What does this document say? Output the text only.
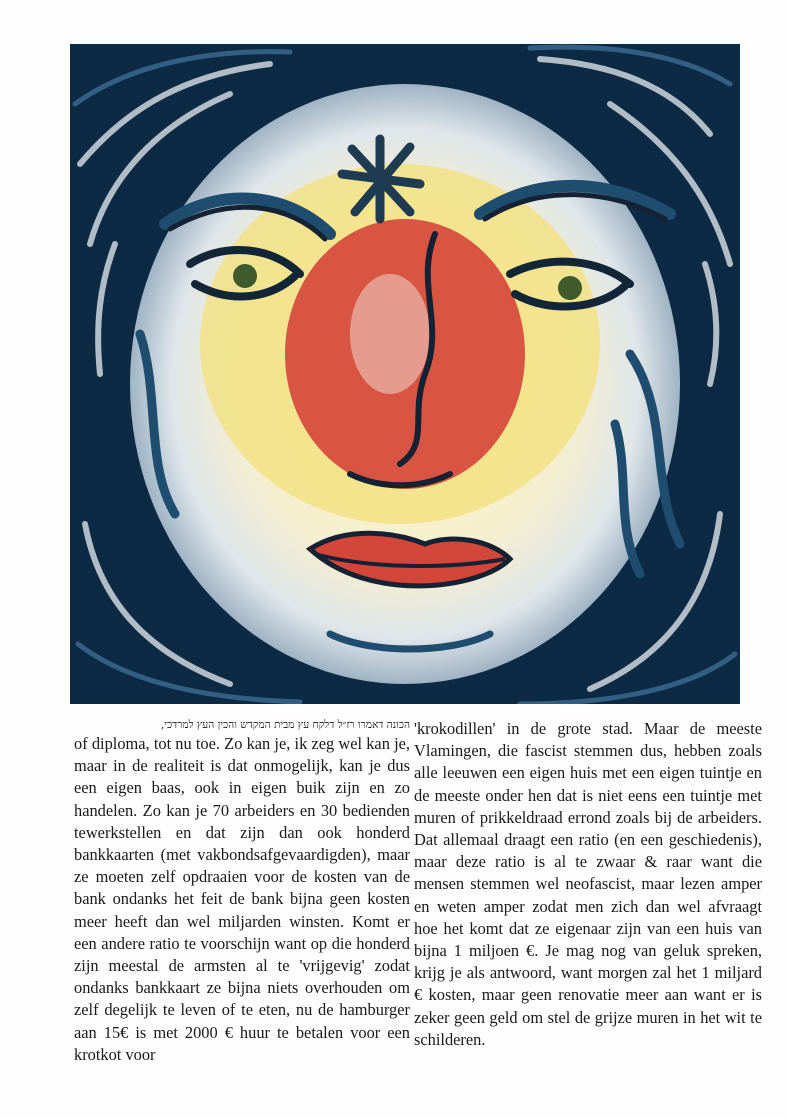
הכונה דאמרו רז״ל דלקח עץ מבית המקדש והכין העץ למרדכי,

of diploma, tot nu toe. Zo kan je, ik zeg wel kan je, maar in de realiteit is dat onmogelijk, kan je dus een eigen baas, ook in eigen buik zijn en zo handelen. Zo kan je 70 arbeiders en 30 bedienden tewerkstellen en dat zijn dan ook honderd bankkaarten (met vakbondsafgevaardigden), maar ze moeten zelf opdraaien voor de kosten van de bank ondanks het feit de bank bijna geen kosten meer heeft dan wel miljarden winsten. Komt er een andere ratio te voorschijn want op die honderd zijn meestal de armsten al te 'vrijgevig' zodat ondanks bankkaart ze bijna niets overhouden om zelf degelijk te leven of te eten, nu de hamburger aan 15€ is met 2000 € huur te betalen voor een krotkot voor

'krokodillen' in de grote stad. Maar de meeste Vlamingen, die fascist stemmen dus, hebben zoals alle leeuwen een eigen huis met een eigen tuintje en de meeste onder hen dat is niet eens een tuintje met muren of prikkeldraad errond zoals bij de arbeiders. Dat allemaal draagt een ratio (en een geschiedenis), maar deze ratio is al te zwaar & raar want die mensen stemmen wel neofascist, maar lezen amper en weten amper zodat men zich dan wel afvraagt hoe het komt dat ze eigenaar zijn van een huis van bijna 1 miljoen €. Je mag nog van geluk spreken, krijg je als antwoord, want morgen zal het 1 miljard € kosten, maar geen renovatie meer aan want er is zeker geen geld om stel de grijze muren in het wit te schilderen.
